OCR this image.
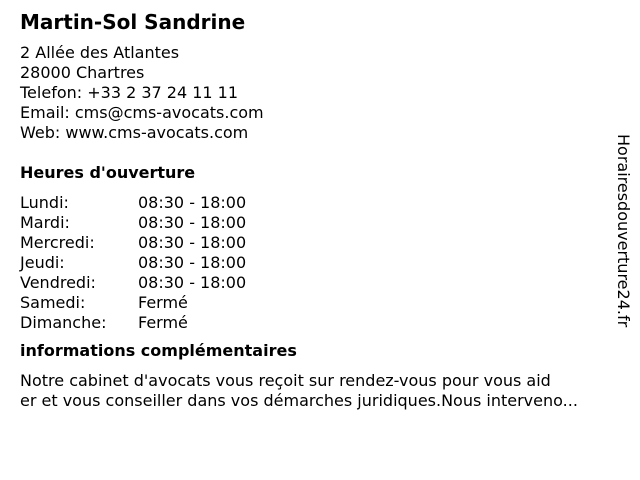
Martin-Sol Sandrine
2 Allée des Atlantes
28000 Chartres
Telefon: +33 2 37 24 11 11
Email: cms@cms-avocats.com
Web: www.cms-avocats.com
Heures d'ouverture
Lundi:	08:30 - 18:00
Mardi:	08:30 - 18:00
Mercredi:	08:30 - 18:00
Jeudi:	08:30 - 18:00
Vendredi:	08:30 - 18:00
Samedi:	Fermé
Dimanche:	Fermé
informations complémentaires
Notre cabinet d'avocats vous reçoit sur rendez-vous pour vous aid
er et vous conseiller dans vos démarches juridiques.Nous interveno...
Horairesdouverture24.fr
